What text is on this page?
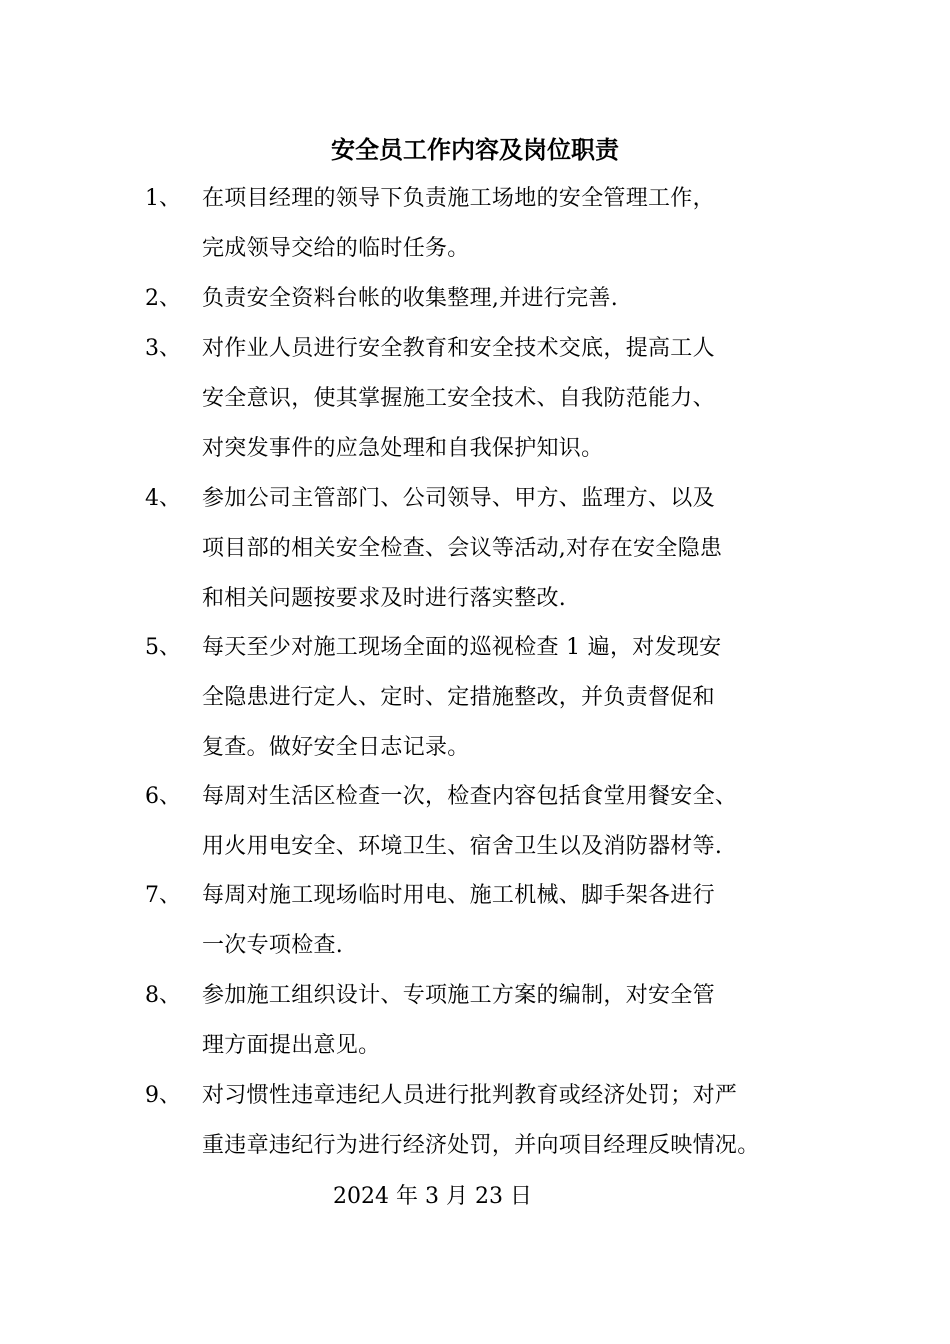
安全员工作内容及岗位职责
1、 在项目经理的领导下负责施工场地的安全管理工作，
完成领导交给的临时任务。
2、 负责安全资料台帐的收集整理,并进行完善.
3、 对作业人员进行安全教育和安全技术交底，提高工人
安全意识，使其掌握施工安全技术、自我防范能力、
对突发事件的应急处理和自我保护知识。
4、 参加公司主管部门、公司领导、甲方、监理方、以及
项目部的相关安全检查、会议等活动,对存在安全隐患
和相关问题按要求及时进行落实整改.
5、 每天至少对施工现场全面的巡视检查 1 遍，对发现安
全隐患进行定人、定时、定措施整改，并负责督促和
复查。做好安全日志记录。
6、 每周对生活区检查一次，检查内容包括食堂用餐安全、
用火用电安全、环境卫生、宿舍卫生以及消防器材等.
7、 每周对施工现场临时用电、施工机械、脚手架各进行
一次专项检查.
8、 参加施工组织设计、专项施工方案的编制，对安全管
理方面提出意见。
9、 对习惯性违章违纪人员进行批判教育或经济处罚；对严
重违章违纪行为进行经济处罚，并向项目经理反映情况。
2024 年 3 月 23 日
